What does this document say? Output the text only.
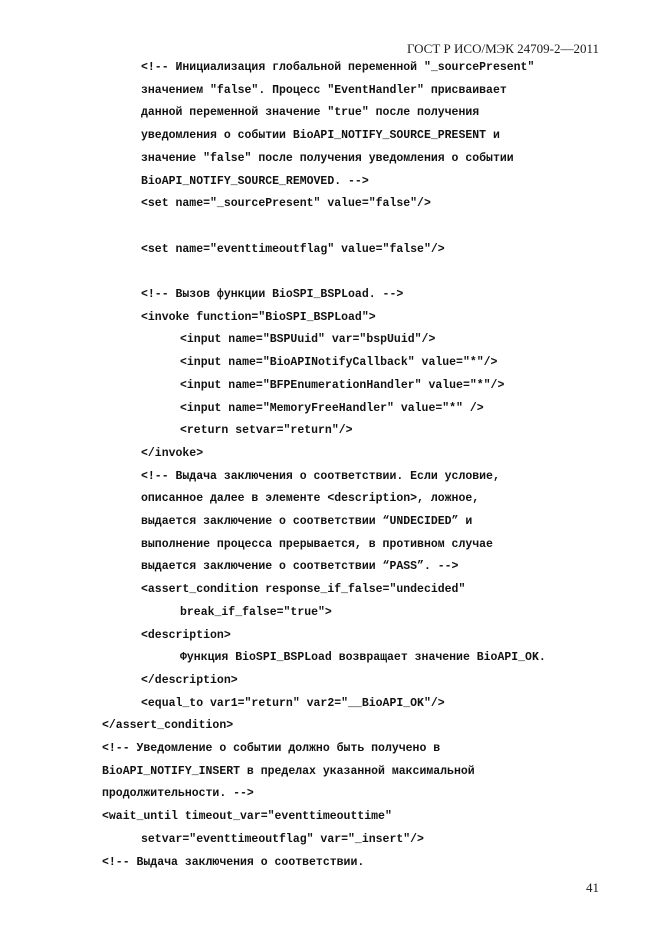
ГОСТ Р ИСО/МЭК 24709-2—2011
<!-- Инициализация глобальной переменной "_sourcePresent"
значением "false". Процесс "EventHandler" присваивает
данной переменной значение "true" после получения
уведомления о событии BioAPI_NOTIFY_SOURCE_PRESENT и
значение "false" после получения уведомления о событии
BioAPI_NOTIFY_SOURCE_REMOVED. -->
<set name="_sourcePresent" value="false"/>
<set name="eventtimeoutflag" value="false"/>
<!-- Вызов функции BioSPI_BSPLoad. -->
<invoke function="BioSPI_BSPLoad">
<input name="BSPUuid" var="bspUuid"/>
<input name="BioAPINotifyCallback" value="*"/>
<input name="BFPEnumerationHandler" value="*"/>
<input name="MemoryFreeHandler" value="*" />
<return setvar="return"/>
</invoke>
<!-- Выдача заключения о соответствии. Если условие,
описанное далее в элементе <description>, ложное,
выдается заключение о соответствии “UNDECIDED” и
выполнение процесса прерывается, в противном случае
выдается заключение о соответствии “PASS”. -->
<assert_condition response_if_false="undecided"
break_if_false="true">
<description>
Функция BioSPI_BSPLoad возвращает значение BioAPI_OK.
</description>
<equal_to var1="return" var2="__BioAPI_OK"/>
</assert_condition>
<!-- Уведомление о событии должно быть получено в
BioAPI_NOTIFY_INSERT в пределах указанной максимальной
продолжительности. -->
<wait_until timeout_var="eventtimeouttime"
setvar="eventtimeoutflag" var="_insert"/>
<!-- Выдача заключения о соответствии.
41
